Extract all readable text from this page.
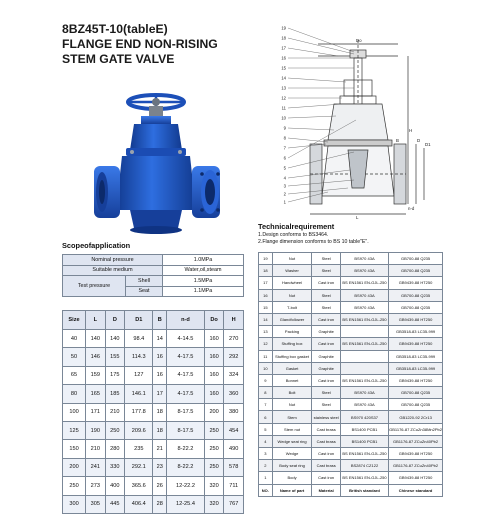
8BZ45T-10(tableE)
FLANGE END NON-RISING
STEM GATE VALVE
19
18
17
16
15
14
13
12
11
10
9
8
7
6
5
4
3
2
1
Do
H
L
D
D1
n-d
B
Scopeofapplication
Nominal pressure		1.0MPa
Suitable medium		Water,oil,steam
Test pressure	Shell	1.5MPa
	Seat	1.1MPa
Size	L	D	D1	B	n-d	Do	H
40	140	140	98.4	14	4-14.5	160	270
50	146	155	114.3	16	4-17.5	160	292
65	159	175	127	16	4-17.5	160	324
80	165	185	146.1	17	4-17.5	160	360
100	171	210	177.8	18	8-17.5	200	380
125	190	250	209.6	18	8-17.5	250	454
150	210	280	235	21	8-22.2	250	490
200	241	330	292.1	23	8-22.2	250	578
250	273	400	365.6	26	12-22.2	320	711
300	305	445	406.4	28	12-25.4	320	767
Technicalrequirement
1.Design conforms to BS3464.
2.Flange dimension conforms to BS 10 table"E".
19	Nut	Steel	BS970 43A	GB700-88 Q235
18	Washer	Steel	BS970 43A	GB700-88 Q235
17	Handwheel	Cast iron	BS EN1561 EN-GJL-250	GB9439-88 HT250
16	Nut	Steel	BS970 43A	GB700-88 Q235
15	T-bolt	Steel	BS970 43A	GB700-88 Q235
14	Glandfollower	Cast iron	BS EN1561 EN-GJL-250	GB9439-88 HT250
13	Packing	Graphite		GB3518-83 LC35-999
12	Stuffing box	Cast iron	BS EN1561 EN-GJL-250	GB9439-88 HT250
11	Stuffing box gasket	Graphite		GB3518-83 LC35-999
10	Gasket	Graphite		GB3518-83 LC35-999
9	Bonnet	Cast iron	BS EN1561 EN-GJL-250	GB9439-88 HT250
8	Bolt	Steel	BS970 43A	GB700-88 Q235
7	Nut	Steel	BS970 43A	GB700-88 Q235
6	Stem	stainless steel	BS970 420S37	GB1220-92 2Cr13
5	Stem nut	Cast brass	BS1400 PCB1	GB1176-87 ZCuZn38Mn2Pb2
4	Wedge seat ring	Cast brass	BS1400 PCB1	GB1176-87 ZCuZn40Pb2
3	Wedge	Cast iron	BS EN1561 EN-GJL-250	GB9439-88 HT250
2	Body seat ring	Cast brass	BS2874 CZ122	GB1176-87 ZCuZn40Pb2
1	Body	Cast iron	BS EN1561 EN-GJL-250	GB9439-88 HT250
NO.	Name of part	Material	British standard	Chinese standard
